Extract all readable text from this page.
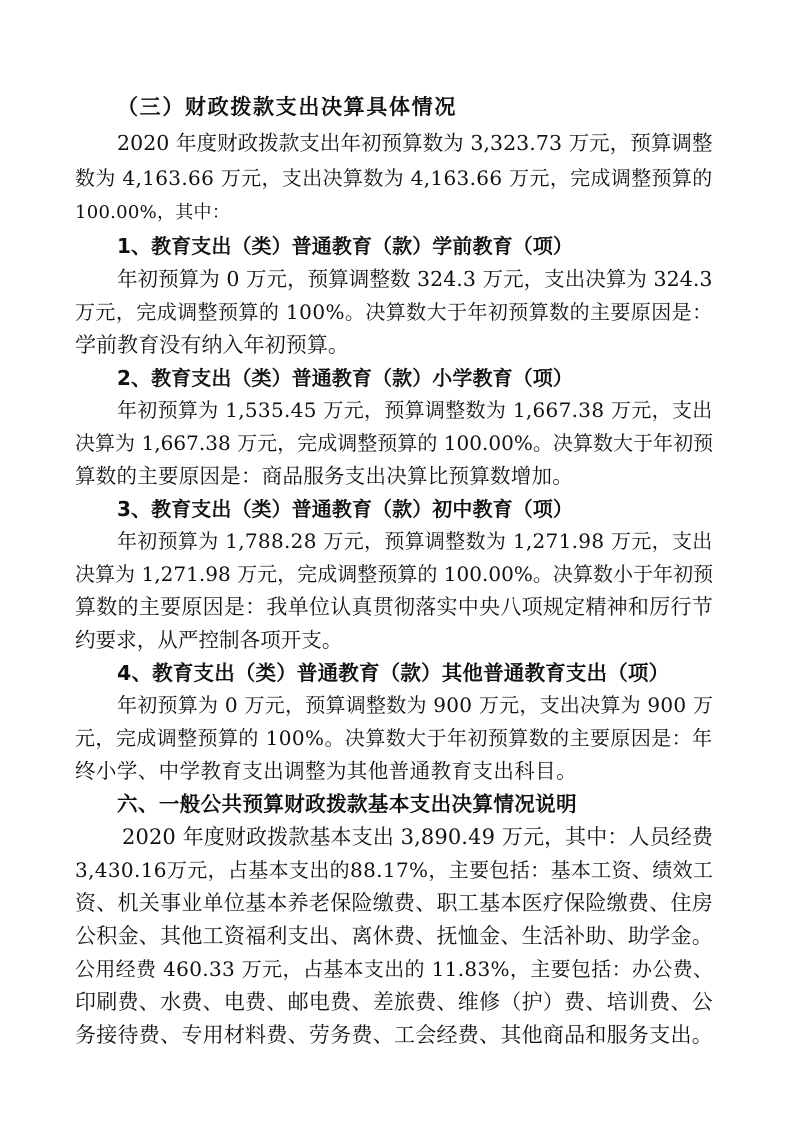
（三）财政拨款支出决算具体情况
2020 年度财政拨款支出年初预算数为 3,323.73 万元，预算调整
数为 4,163.66 万元，支出决算数为 4,163.66 万元，完成调整预算的
100.00%，其中：
1、教育支出（类）普通教育（款）学前教育（项）
年初预算为 0 万元，预算调整数 324.3 万元，支出决算为 324.3
万元，完成调整预算的 100%。决算数大于年初预算数的主要原因是：
学前教育没有纳入年初预算。
2、教育支出（类）普通教育（款）小学教育（项）
年初预算为 1,535.45 万元，预算调整数为 1,667.38 万元，支出
决算为 1,667.38 万元，完成调整预算的 100.00%。决算数大于年初预
算数的主要原因是：商品服务支出决算比预算数增加。
3、教育支出（类）普通教育（款）初中教育（项）
年初预算为 1,788.28 万元，预算调整数为 1,271.98 万元，支出
决算为 1,271.98 万元，完成调整预算的 100.00%。决算数小于年初预
算数的主要原因是：我单位认真贯彻落实中央八项规定精神和厉行节
约要求，从严控制各项开支。
4、教育支出（类）普通教育（款）其他普通教育支出（项）
年初预算为 0 万元，预算调整数为 900 万元，支出决算为 900 万
元，完成调整预算的 100%。决算数大于年初预算数的主要原因是：年
终小学、中学教育支出调整为其他普通教育支出科目。
六、一般公共预算财政拨款基本支出决算情况说明
2020 年度财政拨款基本支出 3,890.49 万元，其中：人员经费
3,430.16万元，占基本支出的88.17%，主要包括：基本工资、绩效工
资、机关事业单位基本养老保险缴费、职工基本医疗保险缴费、住房
公积金、其他工资福利支出、离休费、抚恤金、生活补助、助学金。
公用经费 460.33 万元，占基本支出的 11.83%，主要包括：办公费、
印刷费、水费、电费、邮电费、差旅费、维修（护）费、培训费、公
务接待费、专用材料费、劳务费、工会经费、其他商品和服务支出。
